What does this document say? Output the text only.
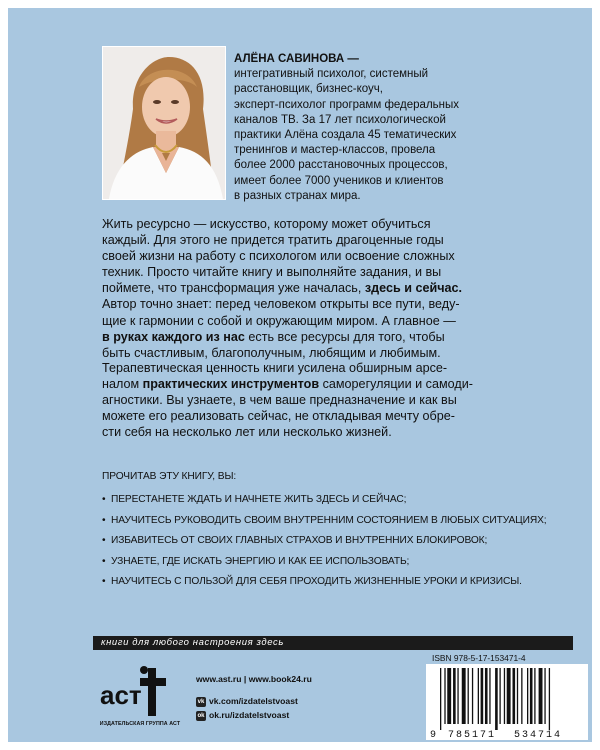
АЛЁНА САВИНОВА —
интегративный психолог, системный
расстановщик, бизнес-коуч,
эксперт-психолог программ федеральных
каналов ТВ. За 17 лет психологической
практики Алёна создала 45 тематических
тренингов и мастер-классов, провела
более 2000 расстановочных процессов,
имеет более 7000 учеников и клиентов
в разных странах мира.
Жить ресурсно — искусство, которому может обучиться
каждый. Для этого не придется тратить драгоценные годы
своей жизни на работу с психологом или освоение сложных
техник. Просто читайте книгу и выполняйте задания, и вы
поймете, что трансформация уже началась, здесь и сейчас.
Автор точно знает: перед человеком открыты все пути, веду-
щие к гармонии с собой и окружающим миром. А главное —
в руках каждого из нас есть все ресурсы для того, чтобы
быть счастливым, благополучным, любящим и любимым.
Терапевтическая ценность книги усилена обширным арсе-
налом практических инструментов саморегуляции и самоди-
агностики. Вы узнаете, в чем ваше предназначение и как вы
можете его реализовать сейчас, не откладывая мечту обре-
сти себя на несколько лет или несколько жизней.
ПРОЧИТАВ ЭТУ КНИГУ, ВЫ:
• ПЕРЕСТАНЕТЕ ЖДАТЬ И НАЧНЕТЕ ЖИТЬ ЗДЕСЬ И СЕЙЧАС;
• НАУЧИТЕСЬ РУКОВОДИТЬ СВОИМ ВНУТРЕННИМ СОСТОЯНИЕМ В ЛЮБЫХ СИТУАЦИЯХ;
• ИЗБАВИТЕСЬ ОТ СВОИХ ГЛАВНЫХ СТРАХОВ И ВНУТРЕННИХ БЛОКИРОВОК;
• УЗНАЕТЕ, ГДЕ ИСКАТЬ ЭНЕРГИЮ И КАК ЕЕ ИСПОЛЬЗОВАТЬ;
• НАУЧИТЕСЬ С ПОЛЬЗОЙ ДЛЯ СЕБЯ ПРОХОДИТЬ ЖИЗНЕННЫЕ УРОКИ И КРИЗИСЫ.
книги для любого настроения здесь
аст
ИЗДАТЕЛЬСКАЯ ГРУППА АСТ
www.ast.ru | www.book24.ru
vk vk.com/izdatelstvoast
ok ok.ru/izdatelstvoast
ISBN 978-5-17-153471-4
9 785171 534714
